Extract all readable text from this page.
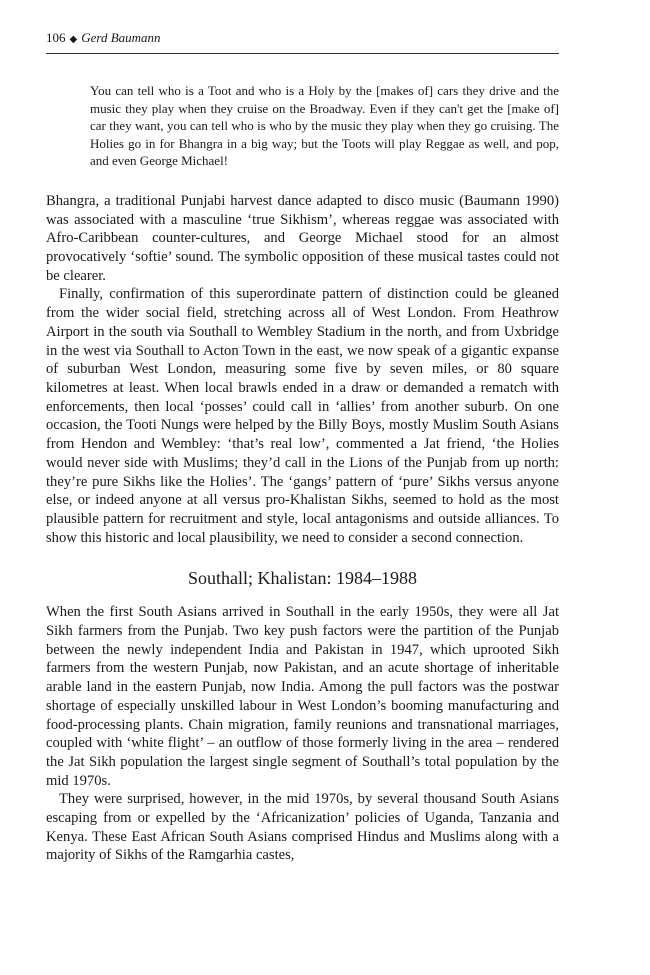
106 ◆ Gerd Baumann
You can tell who is a Toot and who is a Holy by the [makes of] cars they drive and the music they play when they cruise on the Broadway. Even if they can't get the [make of] car they want, you can tell who is who by the music they play when they go cruising. The Holies go in for Bhangra in a big way; but the Toots will play Reggae as well, and pop, and even George Michael!

Bhangra, a traditional Punjabi harvest dance adapted to disco music (Baumann 1990) was associated with a masculine ‘true Sikhism’, whereas reggae was associated with Afro-Caribbean counter-cultures, and George Michael stood for an almost provocatively ‘softie’ sound. The symbolic opposition of these musical tastes could not be clearer.

Finally, confirmation of this superordinate pattern of distinction could be gleaned from the wider social field, stretching across all of West London. From Heathrow Airport in the south via Southall to Wembley Stadium in the north, and from Uxbridge in the west via Southall to Acton Town in the east, we now speak of a gigantic expanse of suburban West London, measuring some five by seven miles, or 80 square kilometres at least. When local brawls ended in a draw or demanded a rematch with enforcements, then local ‘posses’ could call in ‘allies’ from another suburb. On one occasion, the Tooti Nungs were helped by the Billy Boys, mostly Muslim South Asians from Hendon and Wembley: ‘that’s real low’, commented a Jat friend, ‘the Holies would never side with Muslims; they’d call in the Lions of the Punjab from up north: they’re pure Sikhs like the Holies’. The ‘gangs’ pattern of ‘pure’ Sikhs versus anyone else, or indeed anyone at all versus pro-Khalistan Sikhs, seemed to hold as the most plausible pattern for recruitment and style, local antagonisms and outside alliances. To show this historic and local plausibility, we need to consider a second connection.

Southall; Khalistan: 1984–1988

When the first South Asians arrived in Southall in the early 1950s, they were all Jat Sikh farmers from the Punjab. Two key push factors were the partition of the Punjab between the newly independent India and Pakistan in 1947, which uprooted Sikh farmers from the western Punjab, now Pakistan, and an acute shortage of inheritable arable land in the eastern Punjab, now India. Among the pull factors was the postwar shortage of especially unskilled labour in West London’s booming manufacturing and food-processing plants. Chain migration, family reunions and transnational marriages, coupled with ‘white flight’ – an outflow of those formerly living in the area – rendered the Jat Sikh population the largest single segment of Southall’s total population by the mid 1970s.

They were surprised, however, in the mid 1970s, by several thousand South Asians escaping from or expelled by the ‘Africanization’ policies of Uganda, Tanzania and Kenya. These East African South Asians comprised Hindus and Muslims along with a majority of Sikhs of the Ramgarhia castes,
